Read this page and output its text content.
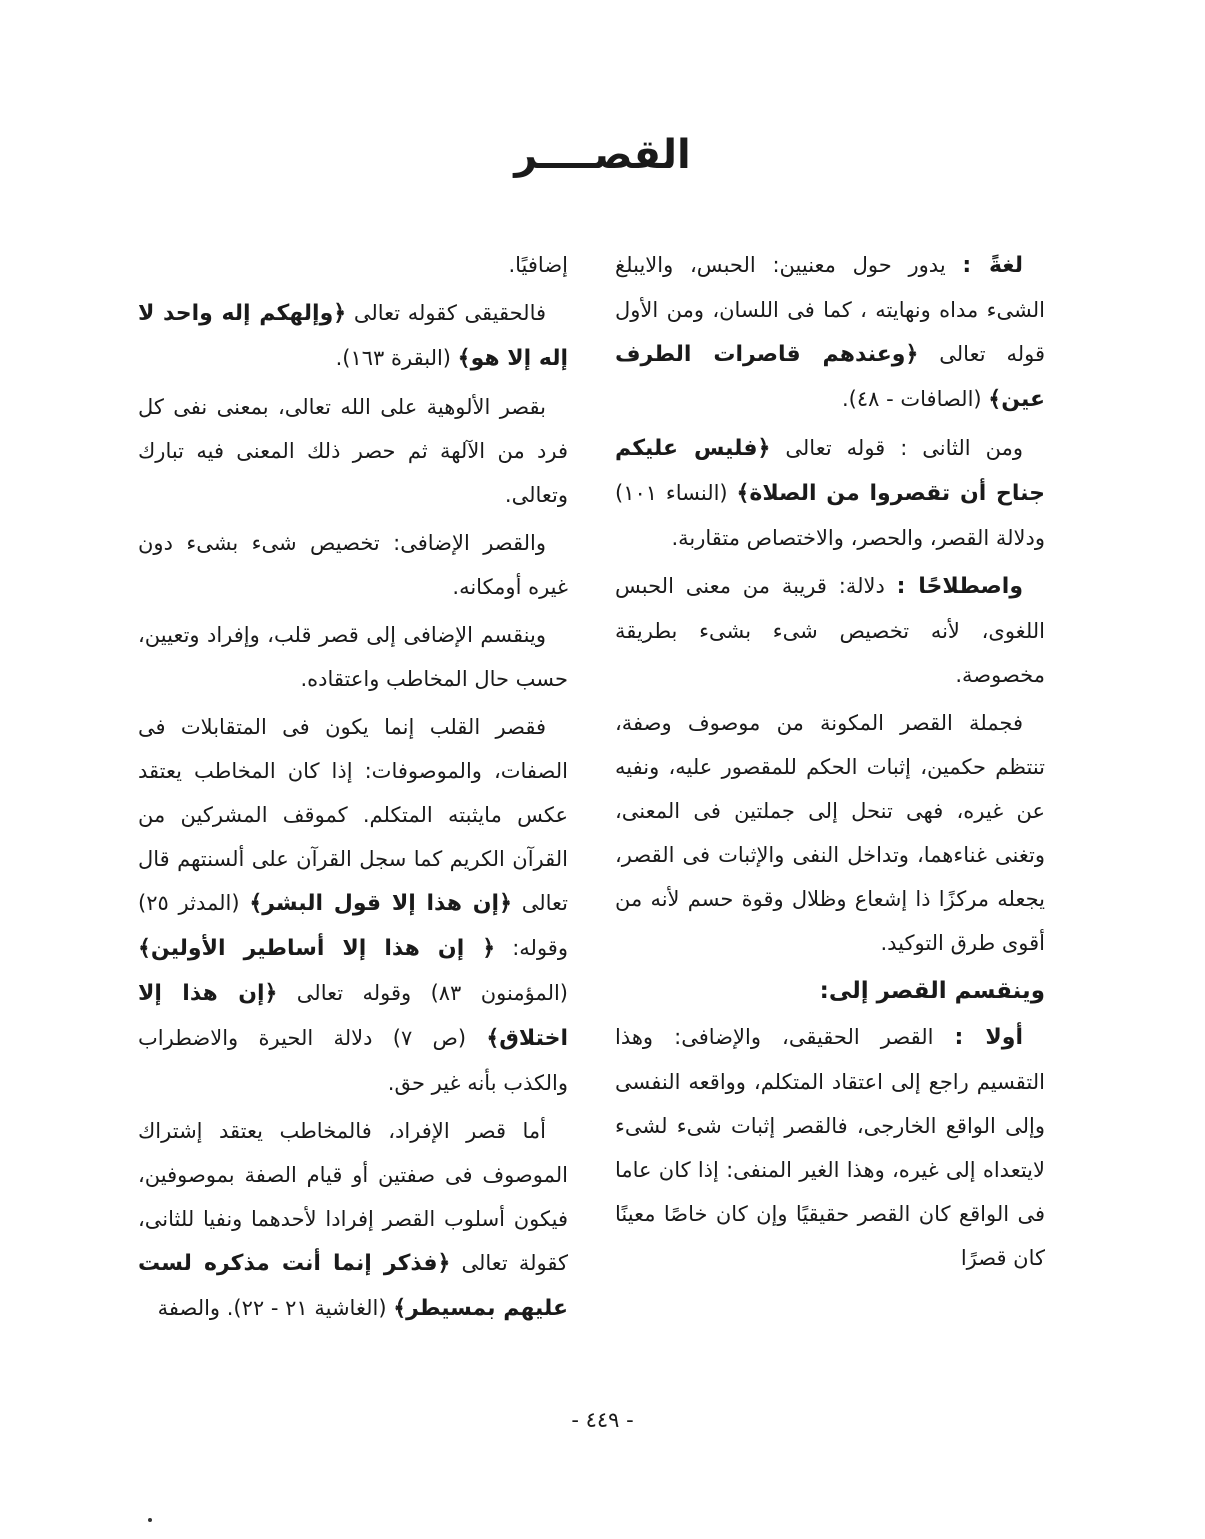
القصــــر

لغةً : يدور حول معنيين: الحبس، والايبلغ الشىء مداه ونهايته ، كما فى اللسان، ومن الأول قوله تعالى ﴿وعندهم قاصرات الطرف عين﴾ (الصافات - ٤٨).

ومن الثانى : قوله تعالى ﴿فليس عليكم جناح أن تقصروا من الصلاة﴾ (النساء ١٠١) ودلالة القصر، والحصر، والاختصاص متقاربة.

واصطلاحًا : دلالة: قريبة من معنى الحبس اللغوى، لأنه تخصيص شىء بشىء بطريقة مخصوصة.

فجملة القصر المكونة من موصوف وصفة، تنتظم حكمين، إثبات الحكم للمقصور عليه، ونفيه عن غيره، فهى تنحل إلى جملتين فى المعنى، وتغنى غناءهما، وتداخل النفى والإثبات فى القصر، يجعله مركزًا ذا إشعاع وظلال وقوة حسم لأنه من أقوى طرق التوكيد.

وينقسم القصر إلى:

أولا : القصر الحقيقى، والإضافى: وهذا التقسيم راجع إلى اعتقاد المتكلم، وواقعه النفسى وإلى الواقع الخارجى، فالقصر إثبات شىء لشىء لايتعداه إلى غيره، وهذا الغير المنفى: إذا كان عاما فى الواقع كان القصر حقيقيًا وإن كان خاصًا معينًا كان قصرًا

إضافيًا.

فالحقيقى كقوله تعالى ﴿وإلهكم إله واحد لا إله إلا هو﴾ (البقرة ١٦٣).

بقصر الألوهية على الله تعالى، بمعنى نفى كل فرد من الآلهة ثم حصر ذلك المعنى فيه تبارك وتعالى.

والقصر الإضافى: تخصيص شىء بشىء دون غيره أومكانه.

وينقسم الإضافى إلى قصر قلب، وإفراد وتعيين، حسب حال المخاطب واعتقاده.

فقصر القلب إنما يكون فى المتقابلات فى الصفات، والموصوفات: إذا كان المخاطب يعتقد عكس مايثبته المتكلم. كموقف المشركين من القرآن الكريم كما سجل القرآن على ألسنتهم قال تعالى ﴿إن هذا إلا قول البشر﴾ (المدثر ٢٥) وقوله: ﴿ إن هذا إلا أساطير الأولين﴾ (المؤمنون ٨٣) وقوله تعالى ﴿إن هذا إلا اختلاق﴾ (ص ٧) دلالة الحيرة والاضطراب والكذب بأنه غير حق.

أما قصر الإفراد، فالمخاطب يعتقد إشتراك الموصوف فى صفتين أو قيام الصفة بموصوفين، فيكون أسلوب القصر إفرادا لأحدهما ونفيا للثانى، كقولة تعالى ﴿فذكر إنما أنت مذكره لست عليهم بمسيطر﴾ (الغاشية ٢١ - ٢٢). والصفة

- ٤٤٩ -
